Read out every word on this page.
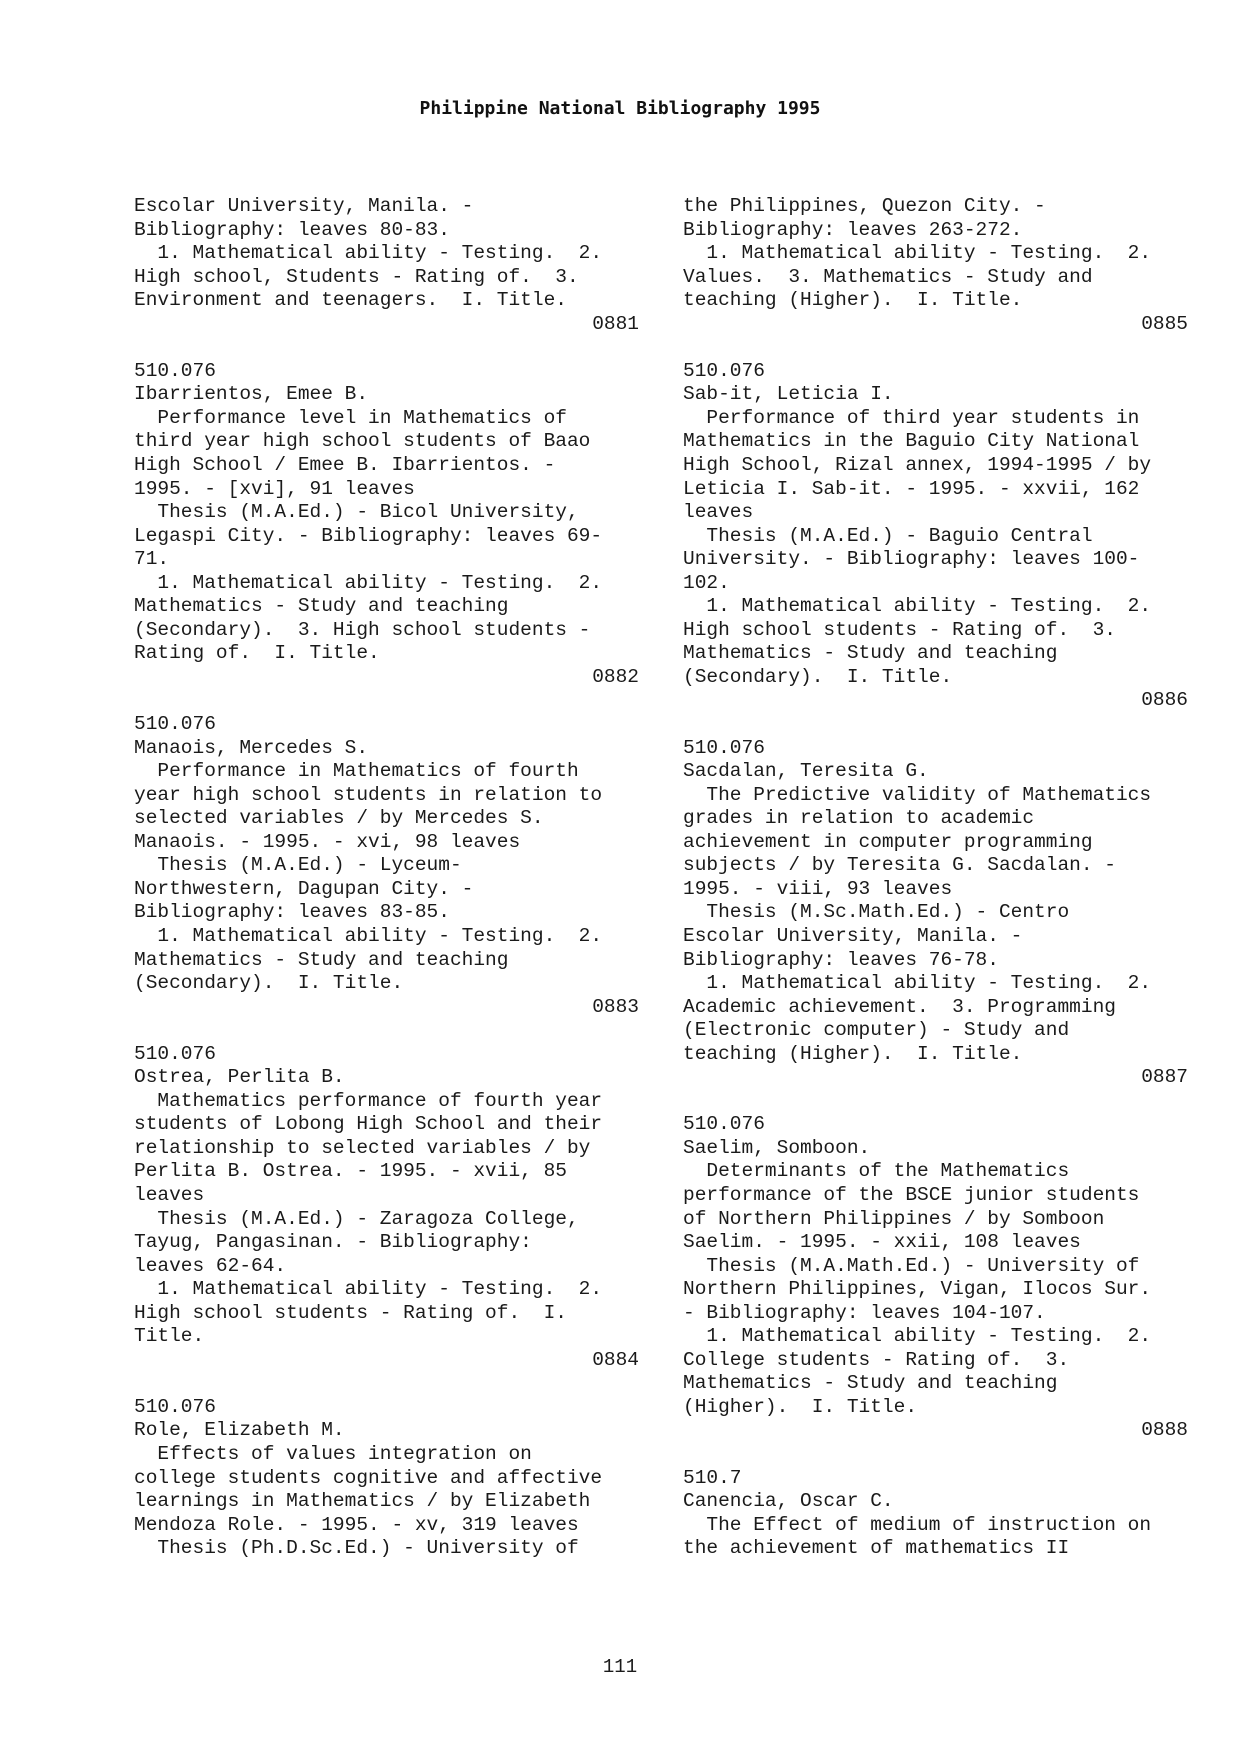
Philippine National Bibliography 1995
Escolar University, Manila. -
Bibliography: leaves 80-83.
1. Mathematical ability - Testing.  2.
High school, Students - Rating of.  3.
Environment and teenagers.  I. Title.
0881
510.076
Ibarrientos, Emee B.
Performance level in Mathematics of
third year high school students of Baao
High School / Emee B. Ibarrientos. -
1995. - [xvi], 91 leaves
Thesis (M.A.Ed.) - Bicol University,
Legaspi City. - Bibliography: leaves 69-
71.
1. Mathematical ability - Testing.  2.
Mathematics - Study and teaching
(Secondary).  3. High school students -
Rating of.  I. Title.
0882
510.076
Manaois, Mercedes S.
Performance in Mathematics of fourth
year high school students in relation to
selected variables / by Mercedes S.
Manaois. - 1995. - xvi, 98 leaves
Thesis (M.A.Ed.) - Lyceum-
Northwestern, Dagupan City. -
Bibliography: leaves 83-85.
1. Mathematical ability - Testing.  2.
Mathematics - Study and teaching
(Secondary).  I. Title.
0883
510.076
Ostrea, Perlita B.
Mathematics performance of fourth year
students of Lobong High School and their
relationship to selected variables / by
Perlita B. Ostrea. - 1995. - xvii, 85
leaves
Thesis (M.A.Ed.) - Zaragoza College,
Tayug, Pangasinan. - Bibliography:
leaves 62-64.
1. Mathematical ability - Testing.  2.
High school students - Rating of.  I.
Title.
0884
510.076
Role, Elizabeth M.
Effects of values integration on
college students cognitive and affective
learnings in Mathematics / by Elizabeth
Mendoza Role. - 1995. - xv, 319 leaves
Thesis (Ph.D.Sc.Ed.) - University of
the Philippines, Quezon City. -
Bibliography: leaves 263-272.
1. Mathematical ability - Testing.  2.
Values.  3. Mathematics - Study and
teaching (Higher).  I. Title.
0885
510.076
Sab-it, Leticia I.
Performance of third year students in
Mathematics in the Baguio City National
High School, Rizal annex, 1994-1995 / by
Leticia I. Sab-it. - 1995. - xxvii, 162
leaves
Thesis (M.A.Ed.) - Baguio Central
University. - Bibliography: leaves 100-
102.
1. Mathematical ability - Testing.  2.
High school students - Rating of.  3.
Mathematics - Study and teaching
(Secondary).  I. Title.
0886
510.076
Sacdalan, Teresita G.
The Predictive validity of Mathematics
grades in relation to academic
achievement in computer programming
subjects / by Teresita G. Sacdalan. -
1995. - viii, 93 leaves
Thesis (M.Sc.Math.Ed.) - Centro
Escolar University, Manila. -
Bibliography: leaves 76-78.
1. Mathematical ability - Testing.  2.
Academic achievement.  3. Programming
(Electronic computer) - Study and
teaching (Higher).  I. Title.
0887
510.076
Saelim, Somboon.
Determinants of the Mathematics
performance of the BSCE junior students
of Northern Philippines / by Somboon
Saelim. - 1995. - xxii, 108 leaves
Thesis (M.A.Math.Ed.) - University of
Northern Philippines, Vigan, Ilocos Sur.
- Bibliography: leaves 104-107.
1. Mathematical ability - Testing.  2.
College students - Rating of.  3.
Mathematics - Study and teaching
(Higher).  I. Title.
0888
510.7
Canencia, Oscar C.
The Effect of medium of instruction on
the achievement of mathematics II
111
